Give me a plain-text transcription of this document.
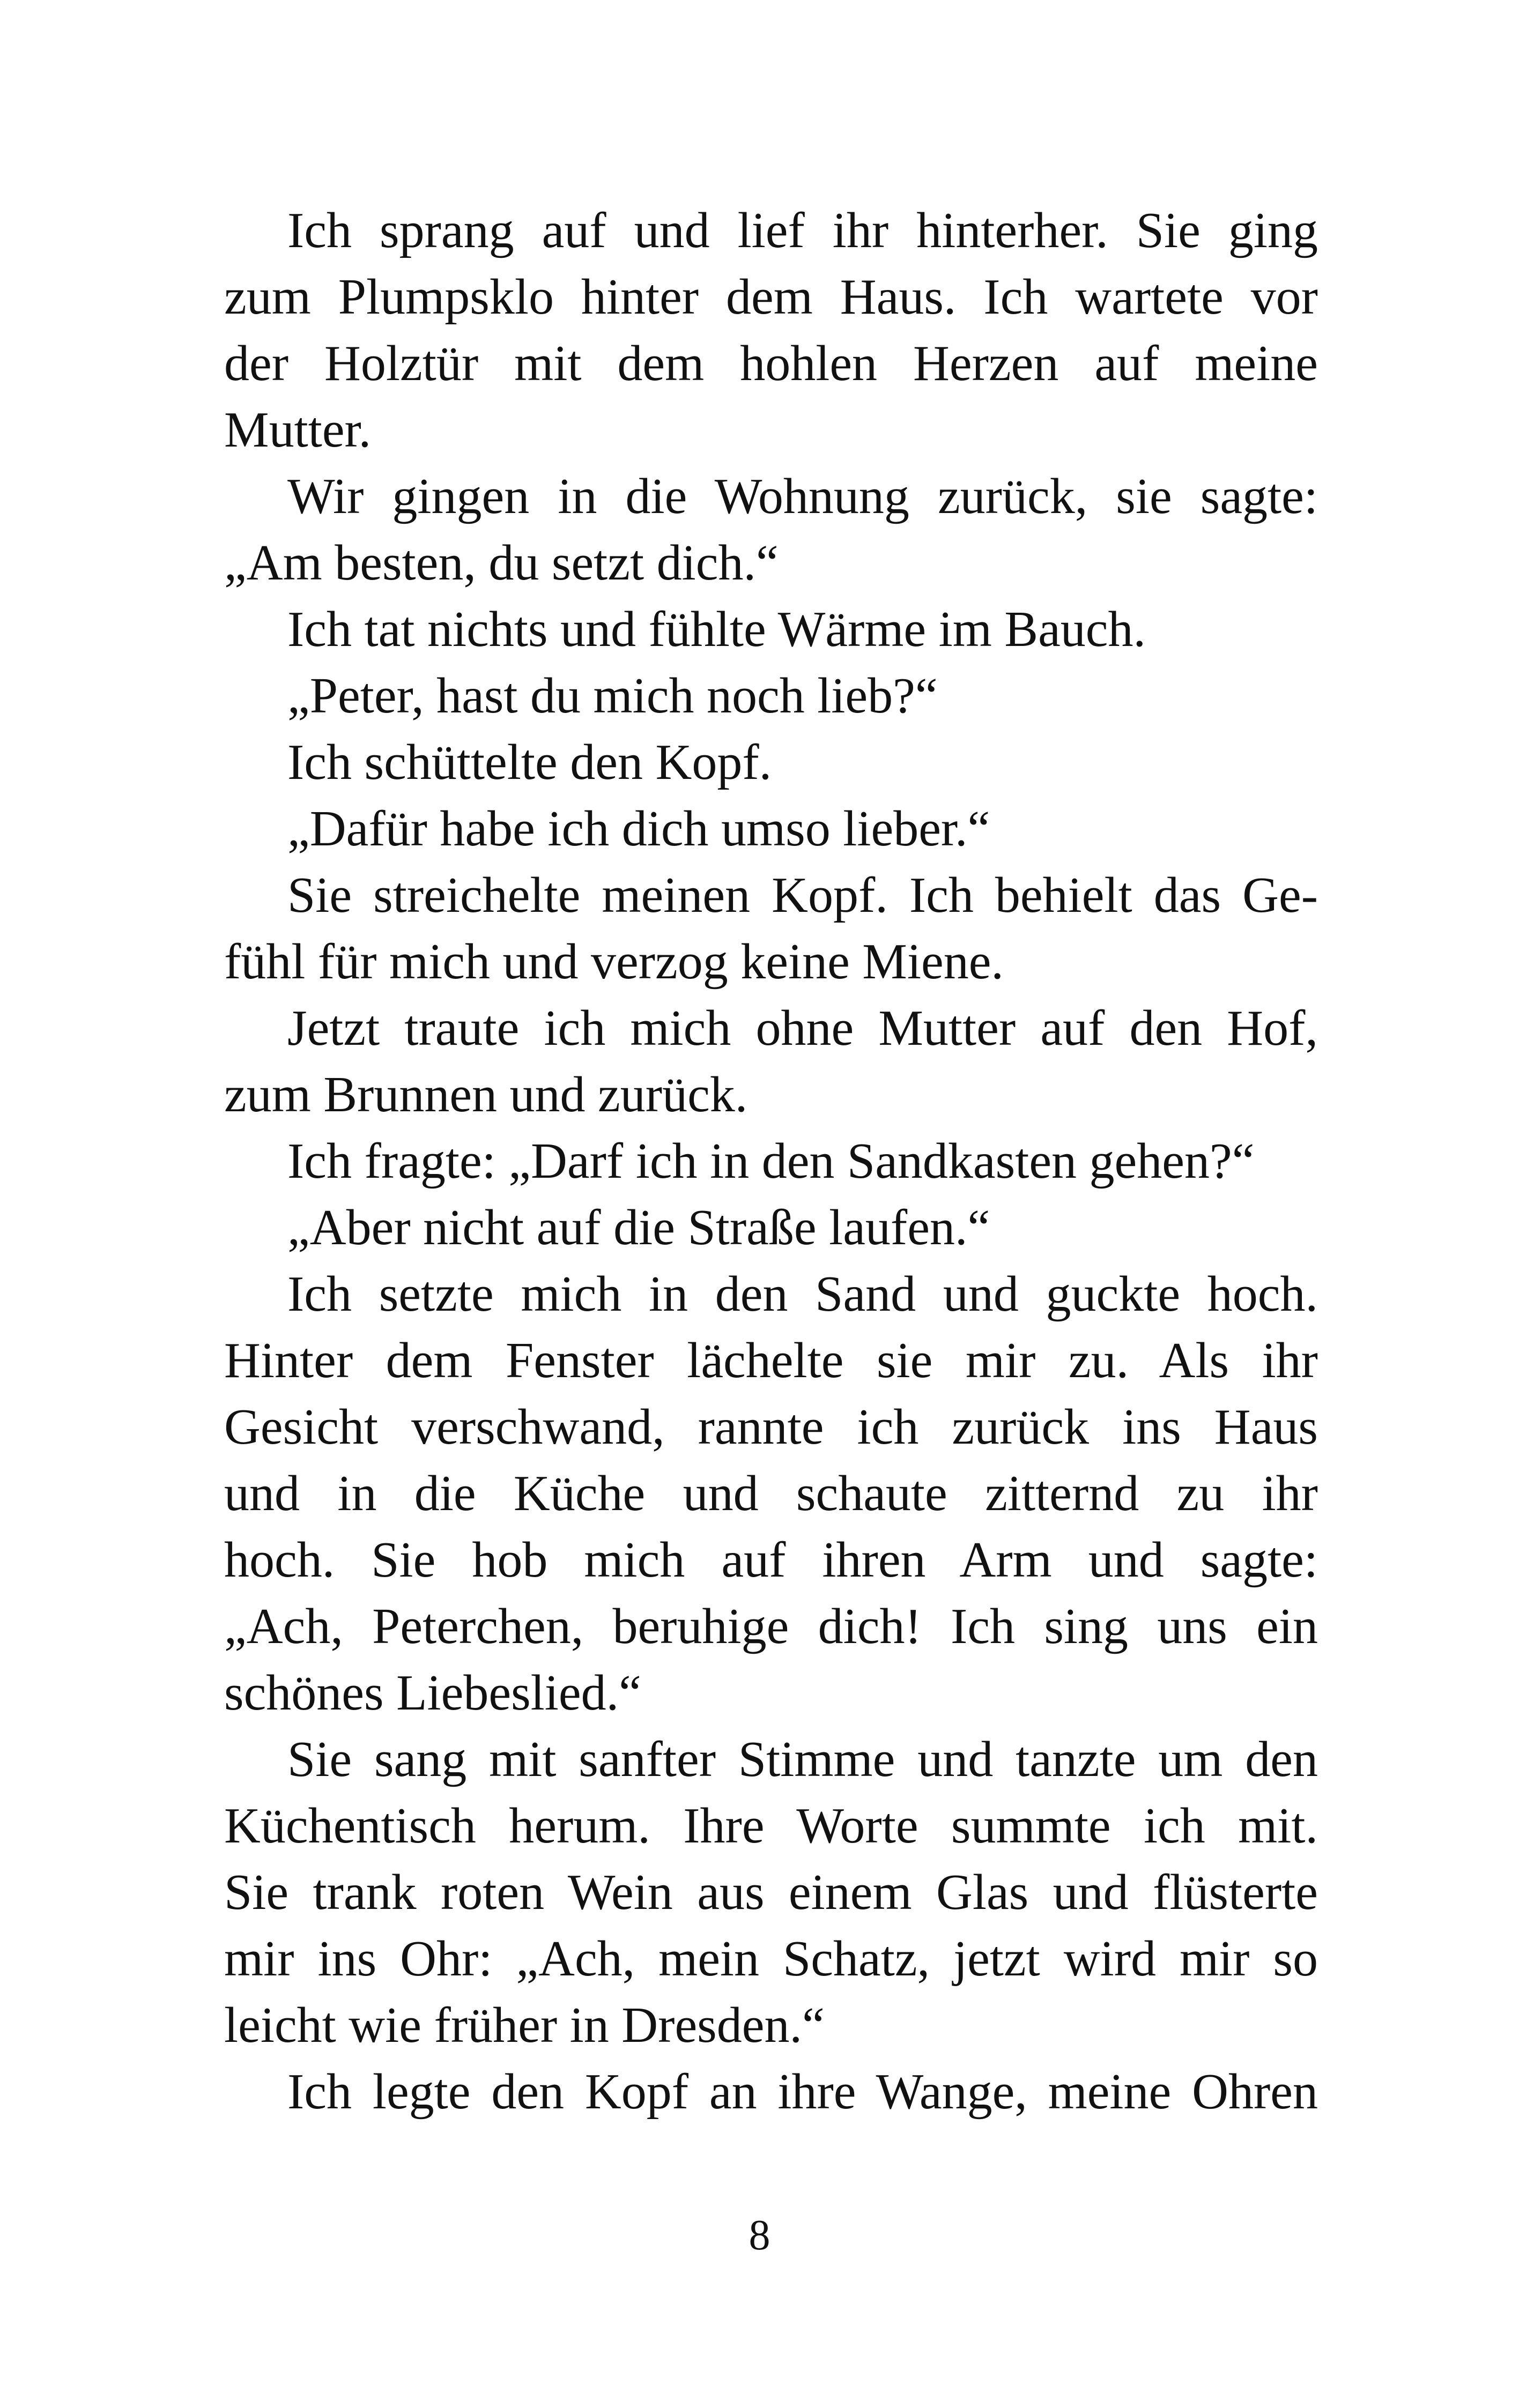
Ich sprang auf und lief ihr hinterher. Sie ging
zum Plumpsklo hinter dem Haus. Ich wartete vor
der Holztür mit dem hohlen Herzen auf meine
Mutter.
Wir gingen in die Wohnung zurück, sie sagte:
„Am besten, du setzt dich.“
Ich tat nichts und fühlte Wärme im Bauch.
„Peter, hast du mich noch lieb?“
Ich schüttelte den Kopf.
„Dafür habe ich dich umso lieber.“
Sie streichelte meinen Kopf. Ich behielt das Ge-
fühl für mich und verzog keine Miene.
Jetzt traute ich mich ohne Mutter auf den Hof,
zum Brunnen und zurück.
Ich fragte: „Darf ich in den Sandkasten gehen?“
„Aber nicht auf die Straße laufen.“
Ich setzte mich in den Sand und guckte hoch.
Hinter dem Fenster lächelte sie mir zu. Als ihr
Gesicht verschwand, rannte ich zurück ins Haus
und in die Küche und schaute zitternd zu ihr
hoch. Sie hob mich auf ihren Arm und sagte:
„Ach, Peterchen, beruhige dich! Ich sing uns ein
schönes Liebeslied.“
Sie sang mit sanfter Stimme und tanzte um den
Küchentisch herum. Ihre Worte summte ich mit.
Sie trank roten Wein aus einem Glas und flüsterte
mir ins Ohr: „Ach, mein Schatz, jetzt wird mir so
leicht wie früher in Dresden.“
Ich legte den Kopf an ihre Wange, meine Ohren
8
